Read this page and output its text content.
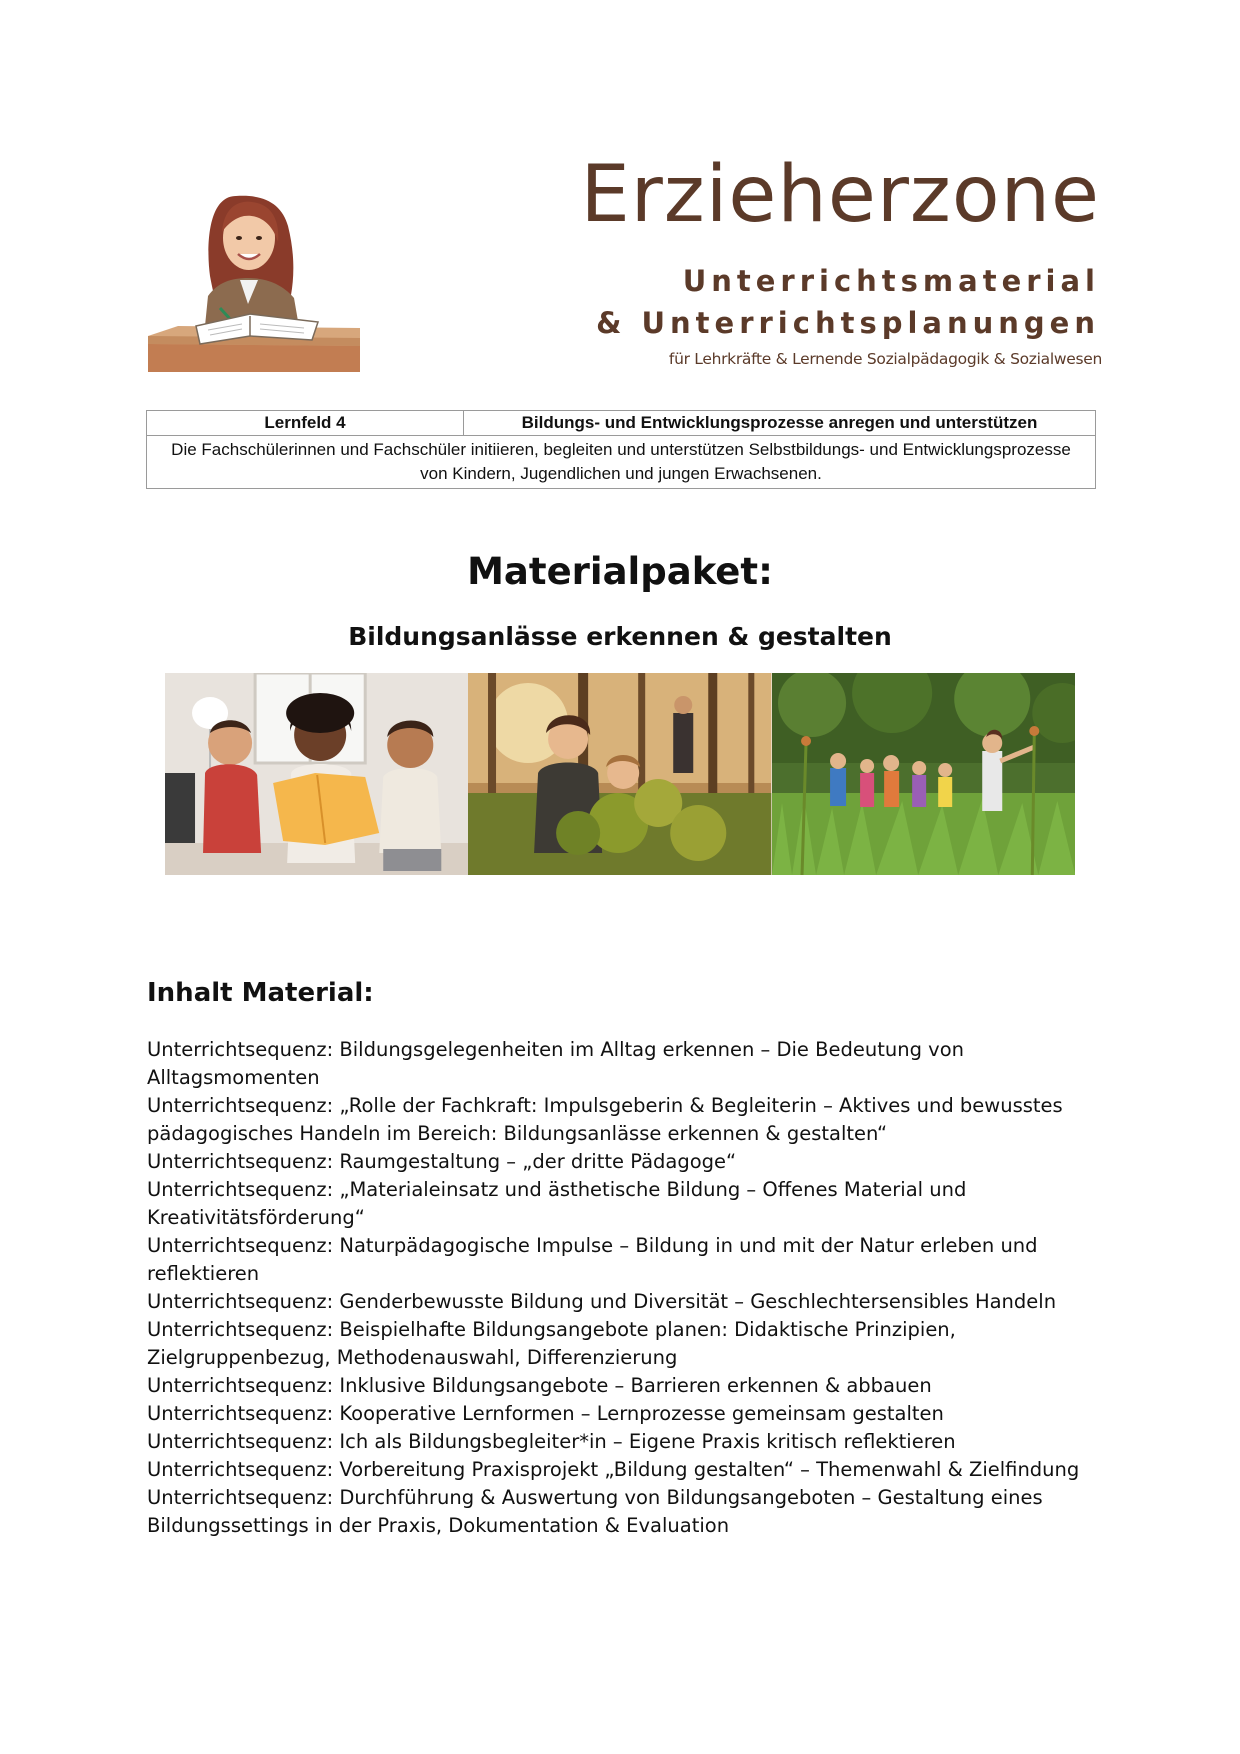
Erzieherzone

Unterrichtsmaterial

& Unterrichtsplanungen

für Lehrkräfte & Lernende Sozialpädagogik & Sozialwesen

Lernfeld 4	Bildungs- und Entwicklungsprozesse anregen und unterstützen
Die Fachschülerinnen und Fachschüler initiieren, begleiten und unterstützen Selbstbildungs- und Entwicklungsprozesse von Kindern, Jugendlichen und jungen Erwachsenen.
Materialpaket:
Bildungsanlässe erkennen & gestalten
Inhalt Material:
Unterrichtsequenz: Bildungsgelegenheiten im Alltag erkennen – Die Bedeutung von Alltagsmomenten
Unterrichtsequenz: „Rolle der Fachkraft: Impulsgeberin & Begleiterin – Aktives und bewusstes pädagogisches Handeln im Bereich: Bildungsanlässe erkennen & gestalten“
Unterrichtsequenz: Raumgestaltung – „der dritte Pädagoge“
Unterrichtsequenz: „Materialeinsatz und ästhetische Bildung – Offenes Material und Kreativitätsförderung“
Unterrichtsequenz: Naturpädagogische Impulse – Bildung in und mit der Natur erleben und reflektieren
Unterrichtsequenz: Genderbewusste Bildung und Diversität – Geschlechtersensibles Handeln
Unterrichtsequenz: Beispielhafte Bildungsangebote planen: Didaktische Prinzipien, Zielgruppenbezug, Methodenauswahl, Differenzierung
Unterrichtsequenz: Inklusive Bildungsangebote – Barrieren erkennen & abbauen
Unterrichtsequenz: Kooperative Lernformen – Lernprozesse gemeinsam gestalten
Unterrichtsequenz: Ich als Bildungsbegleiter*in – Eigene Praxis kritisch reflektieren
Unterrichtsequenz: Vorbereitung Praxisprojekt „Bildung gestalten“ – Themenwahl & Zielfindung
Unterrichtsequenz: Durchführung & Auswertung von Bildungsangeboten – Gestaltung eines Bildungssettings in der Praxis, Dokumentation & Evaluation
